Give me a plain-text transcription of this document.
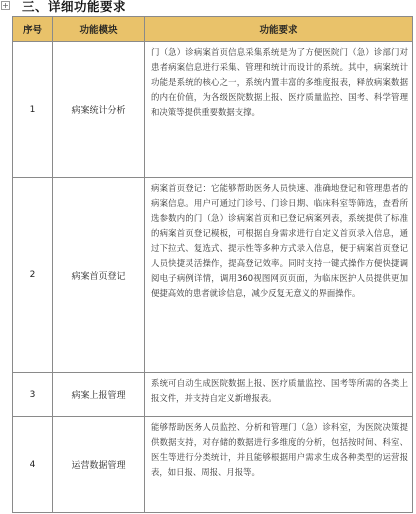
+ 三、详细功能要求
序号	功能模块	功能要求
1	病案统计分析	门（急）诊病案首页信息采集系统是为了方便医院门（急）诊部门对患者病案信息进行采集、管理和统计而设计的系统。其中，病案统计功能是系统的核心之一，系统内置丰富的多维度报表，释放病案数据的内在价值，为各级医院数据上报、医疗质量监控、国考、科学管理和决策等提供重要数据支撑。
2	病案首页登记	病案首页登记：它能够帮助医务人员快速、准确地登记和管理患者的病案信息。用户可通过门诊号、门诊日期、临床科室等筛选，查看所选参数内的门（急）诊病案首页和已登记病案列表，系统提供了标准的病案首页登记模板，可根据自身需求进行自定义首页录入信息，通过下拉式、复选式、提示性等多种方式录入信息，便于病案首页登记人员快捷灵活操作，提高登记效率。同时支持一键式操作方便快捷调阅电子病例详情，调用360视图网页页面，为临床医护人员提供更加便捷高效的患者就诊信息，减少反复无意义的界面操作。
3	病案上报管理	系统可自动生成医院数据上报、医疗质量监控、国考等所需的各类上报文件，并支持自定义新增报表。
4	运营数据管理	能够帮助医务人员监控、分析和管理门（急）诊科室，为医院决策提供数据支持，对存储的数据进行多维度的分析，包括按时间、科室、医生等进行分类统计，并且能够根据用户需求生成各种类型的运营报表，如日报、周报、月报等。
